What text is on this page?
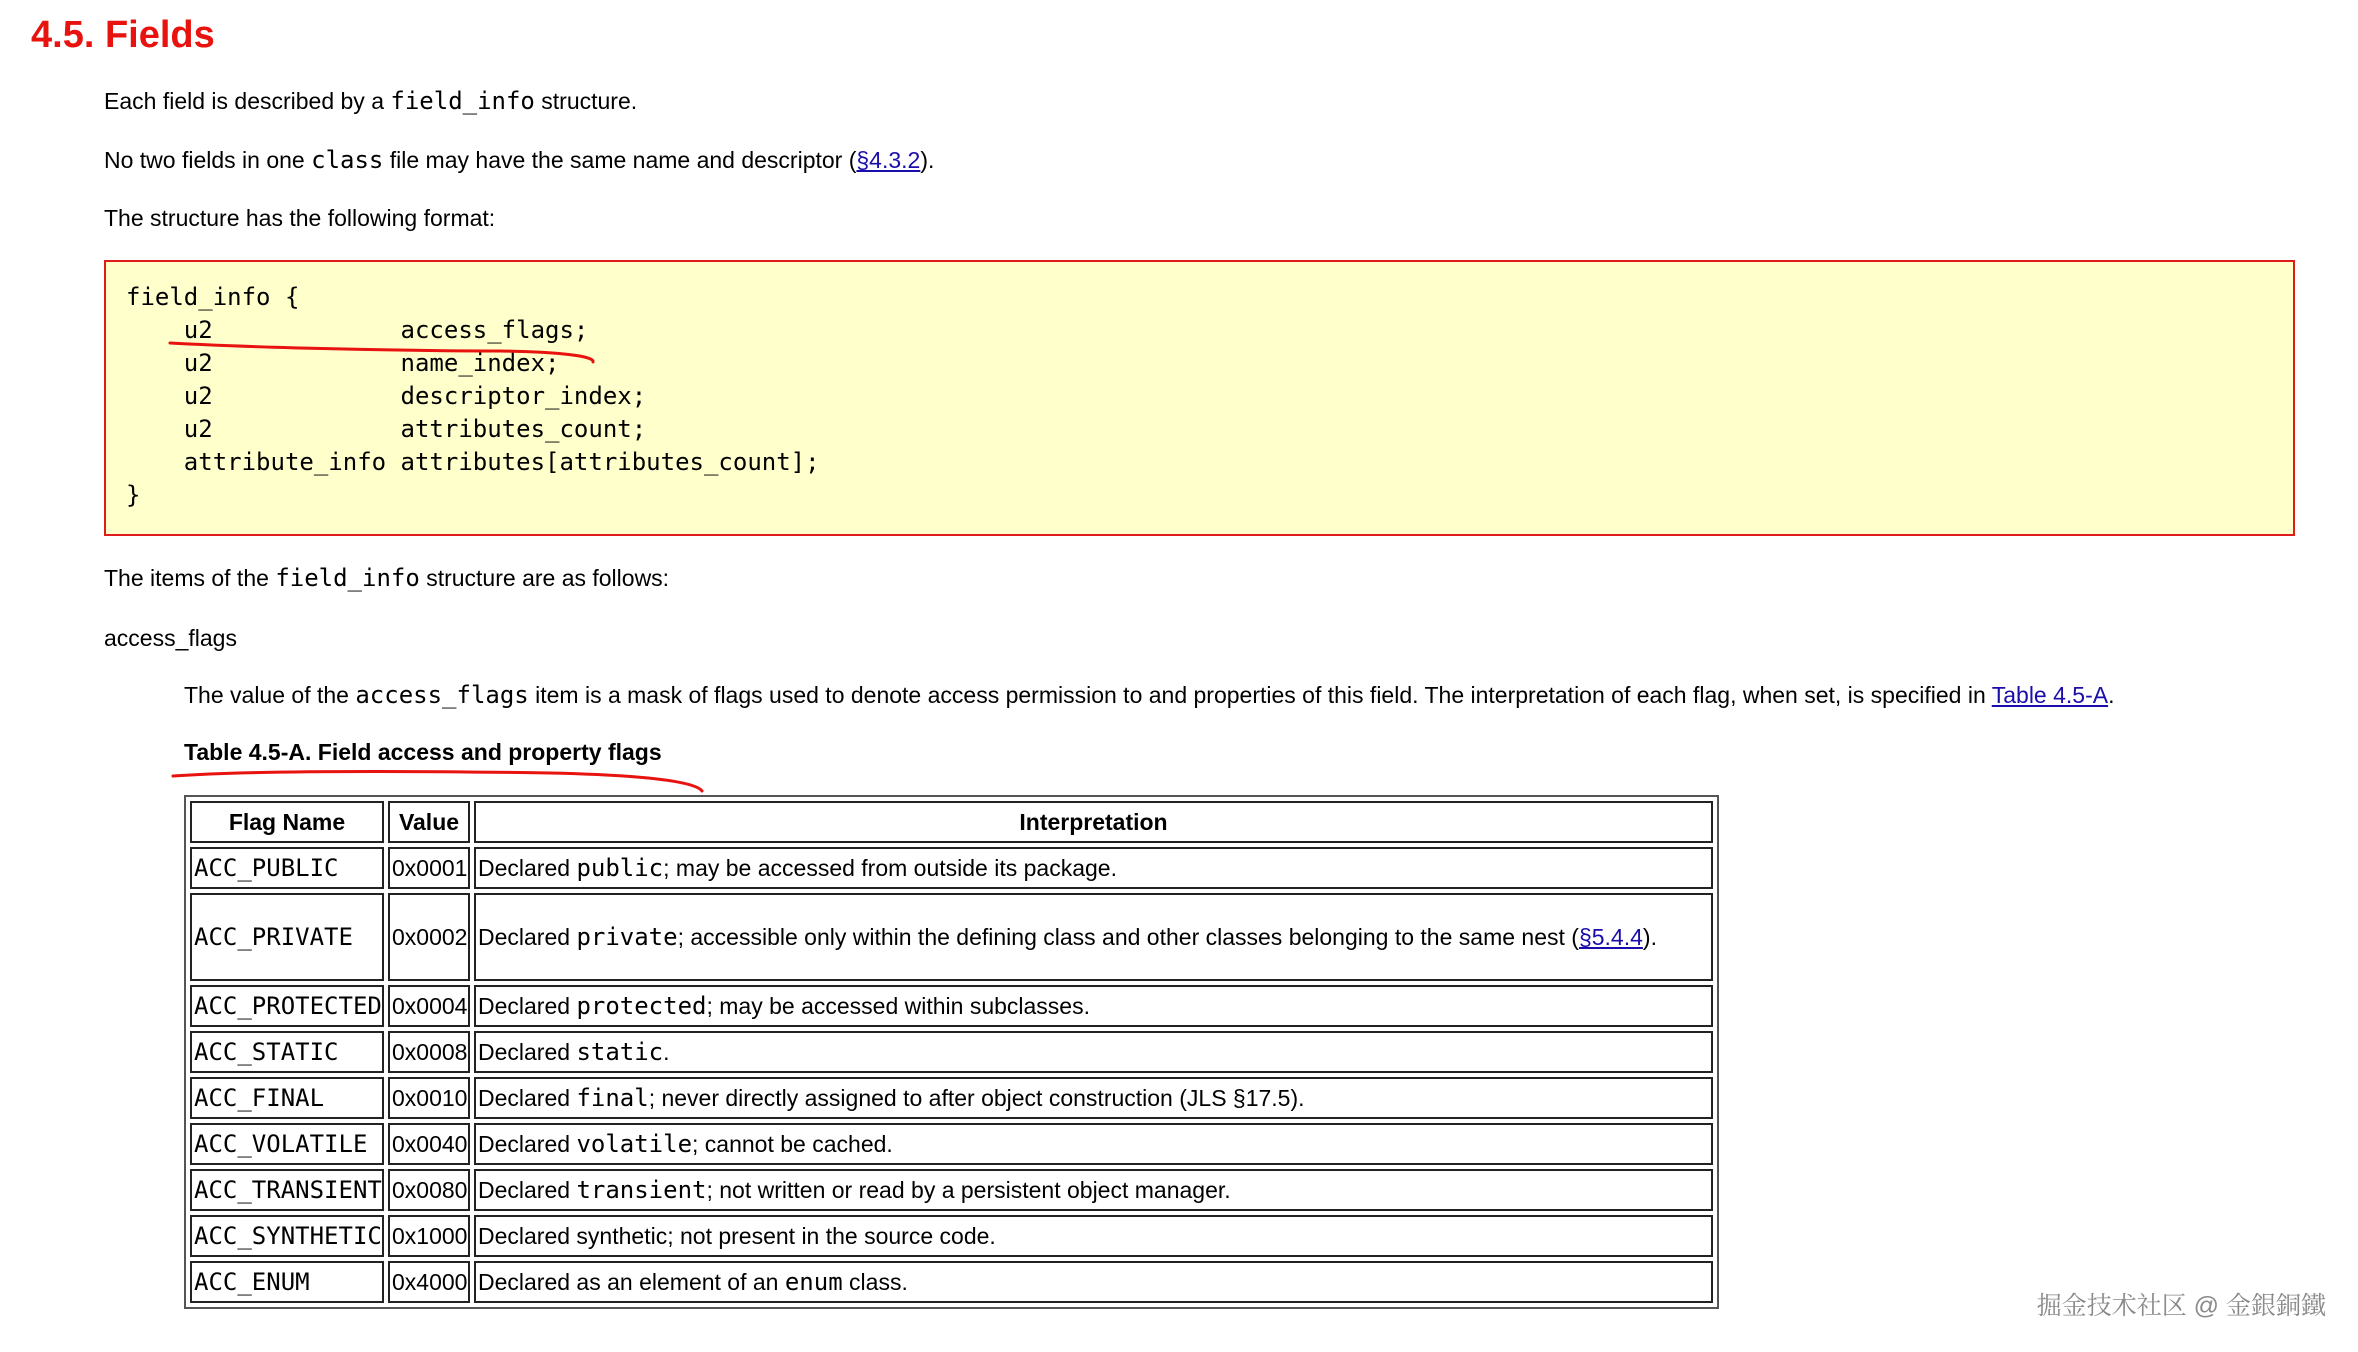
4.5. Fields

Each field is described by a field_info structure.

No two fields in one class file may have the same name and descriptor (§4.3.2).

The structure has the following format:

field_info {
u2             access_flags;
u2             name_index;
u2             descriptor_index;
u2             attributes_count;
attribute_info attributes[attributes_count];
}

The items of the field_info structure are as follows:

access_flags

The value of the access_flags item is a mask of flags used to denote access permission to and properties of this field. The interpretation of each flag, when set, is specified in Table 4.5-A.

Table 4.5-A. Field access and property flags

Flag Name	Value	Interpretation
ACC_PUBLIC	0x0001	Declared public; may be accessed from outside its package.
ACC_PRIVATE	0x0002	Declared private; accessible only within the defining class and other classes belonging to the same nest (§5.4.4).
ACC_PROTECTED	0x0004	Declared protected; may be accessed within subclasses.
ACC_STATIC	0x0008	Declared static.
ACC_FINAL	0x0010	Declared final; never directly assigned to after object construction (JLS §17.5).
ACC_VOLATILE	0x0040	Declared volatile; cannot be cached.
ACC_TRANSIENT	0x0080	Declared transient; not written or read by a persistent object manager.
ACC_SYNTHETIC	0x1000	Declared synthetic; not present in the source code.
ACC_ENUM	0x4000	Declared as an element of an enum class.
掘金技术社区 @ 金銀銅鐵
